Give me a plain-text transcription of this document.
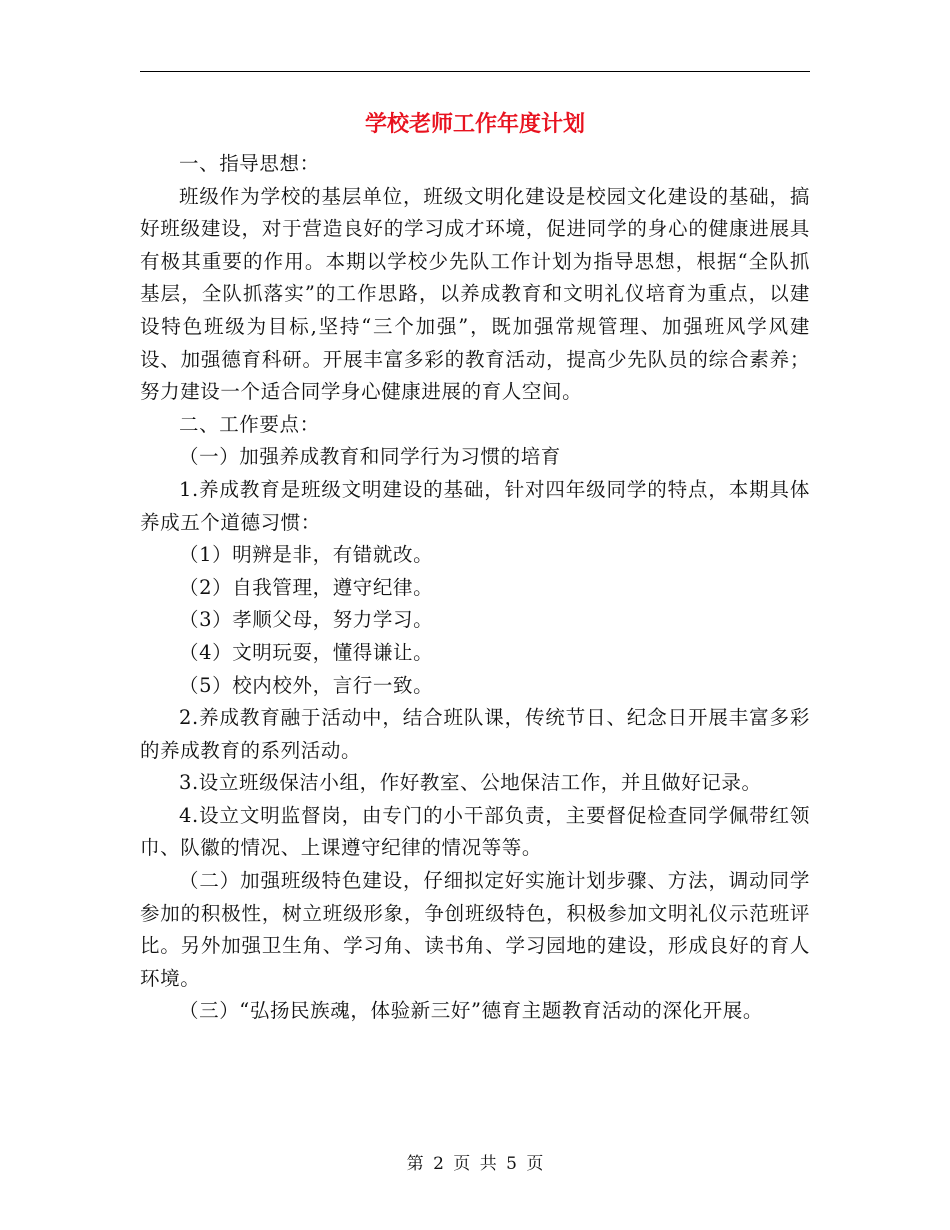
学校老师工作年度计划

一、指导思想：

班级作为学校的基层单位，班级文明化建设是校园文化建设的基础，搞好班级建设，对于营造良好的学习成才环境，促进同学的身心的健康进展具有极其重要的作用。本期以学校少先队工作计划为指导思想，根据“全队抓基层，全队抓落实”的工作思路，以养成教育和文明礼仪培育为重点，以建设特色班级为目标,坚持“三个加强”，既加强常规管理、加强班风学风建设、加强德育科研。开展丰富多彩的教育活动，提高少先队员的综合素养；努力建设一个适合同学身心健康进展的育人空间。

二、工作要点：

（一）加强养成教育和同学行为习惯的培育

1.养成教育是班级文明建设的基础，针对四年级同学的特点，本期具体养成五个道德习惯：

（1）明辨是非，有错就改。

（2）自我管理，遵守纪律。

（3）孝顺父母，努力学习。

（4）文明玩耍，懂得谦让。

（5）校内校外，言行一致。

2.养成教育融于活动中，结合班队课，传统节日、纪念日开展丰富多彩的养成教育的系列活动。

3.设立班级保洁小组，作好教室、公地保洁工作，并且做好记录。

4.设立文明监督岗，由专门的小干部负责，主要督促检查同学佩带红领巾、队徽的情况、上课遵守纪律的情况等等。

（二）加强班级特色建设，仔细拟定好实施计划步骤、方法，调动同学参加的积极性，树立班级形象，争创班级特色，积极参加文明礼仪示范班评比。另外加强卫生角、学习角、读书角、学习园地的建设，形成良好的育人环境。

（三）“弘扬民族魂，体验新三好”德育主题教育活动的深化开展。

第 2 页 共 5 页
